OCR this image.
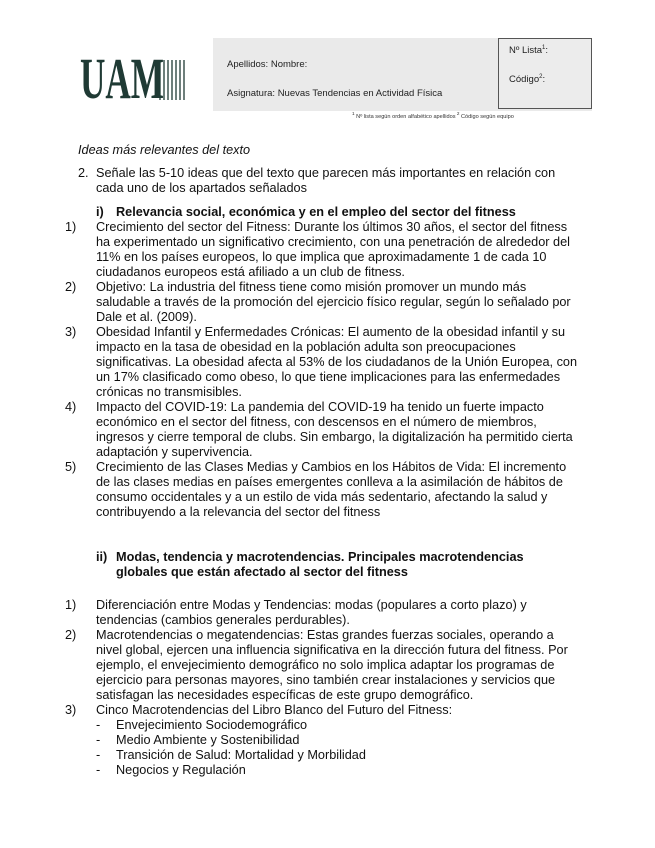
UAM	Apellidos: Nombre:
Asignatura: Nuevas Tendencias en Actividad Física
Nº Lista$^1$:
Código$^2$:
$^1$ Nº lista según orden alfabético apellidos $^2$ Código según equipo

Ideas más relevantes del texto

2. Señale las 5-10 ideas que del texto que parecen más importantes en relación con cada uno de los apartados señalados
i) Relevancia social, económica y en el empleo del sector del fitness
1) Crecimiento del sector del Fitness: Durante los últimos 30 años, el sector del fitness ha experimentado un significativo crecimiento, con una penetración de alrededor del 11% en los países europeos, lo que implica que aproximadamente 1 de cada 10 ciudadanos europeos está afiliado a un club de fitness.
2) Objetivo: La industria del fitness tiene como misión promover un mundo más saludable a través de la promoción del ejercicio físico regular, según lo señalado por Dale et al. (2009).
3) Obesidad Infantil y Enfermedades Crónicas: El aumento de la obesidad infantil y su impacto en la tasa de obesidad en la población adulta son preocupaciones significativas. La obesidad afecta al 53% de los ciudadanos de la Unión Europea, con un 17% clasificado como obeso, lo que tiene implicaciones para las enfermedades crónicas no transmisibles.
4) Impacto del COVID-19: La pandemia del COVID-19 ha tenido un fuerte impacto económico en el sector del fitness, con descensos en el número de miembros, ingresos y cierre temporal de clubs. Sin embargo, la digitalización ha permitido cierta adaptación y supervivencia.
5) Crecimiento de las Clases Medias y Cambios en los Hábitos de Vida: El incremento de las clases medias en países emergentes conlleva a la asimilación de hábitos de consumo occidentales y a un estilo de vida más sedentario, afectando la salud y contribuyendo a la relevancia del sector del fitness
ii) Modas, tendencia y macrotendencias. Principales macrotendencias globales que están afectado al sector del fitness
1) Diferenciación entre Modas y Tendencias: modas (populares a corto plazo) y tendencias (cambios generales perdurables).
2) Macrotendencias o megatendencias: Estas grandes fuerzas sociales, operando a nivel global, ejercen una influencia significativa en la dirección futura del fitness. Por ejemplo, el envejecimiento demográfico no solo implica adaptar los programas de ejercicio para personas mayores, sino también crear instalaciones y servicios que satisfagan las necesidades específicas de este grupo demográfico.
3) Cinco Macrotendencias del Libro Blanco del Futuro del Fitness:
- Envejecimiento Sociodemográfico
- Medio Ambiente y Sostenibilidad
- Transición de Salud: Mortalidad y Morbilidad
- Negocios y Regulación
